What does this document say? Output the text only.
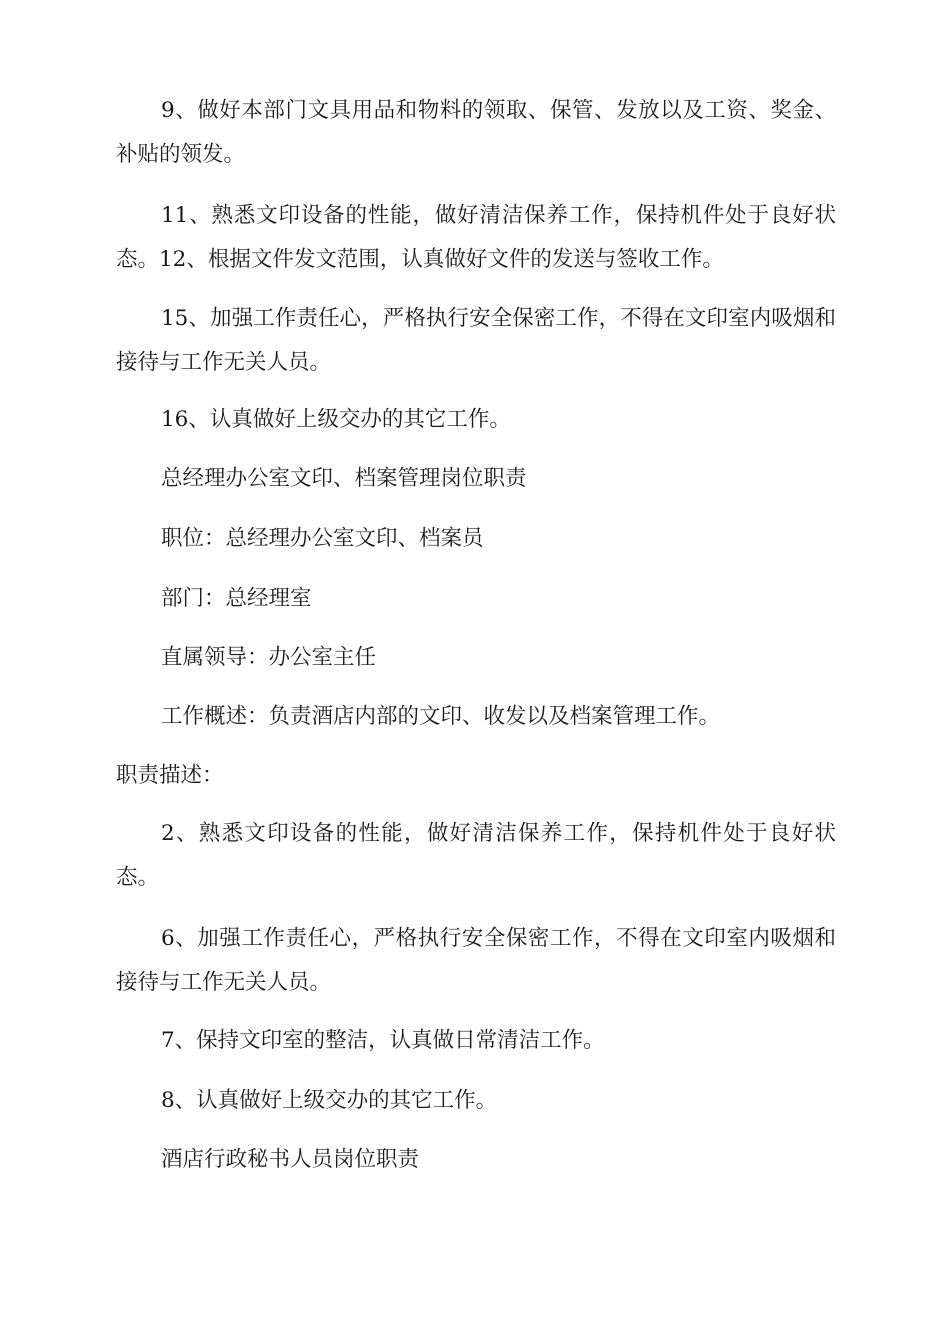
9、做好本部门文具用品和物料的领取、保管、发放以及工资、奖金、补贴的领发。

11、熟悉文印设备的性能，做好清洁保养工作，保持机件处于良好状态。12、根据文件发文范围，认真做好文件的发送与签收工作。

15、加强工作责任心，严格执行安全保密工作，不得在文印室内吸烟和接待与工作无关人员。

16、认真做好上级交办的其它工作。

总经理办公室文印、档案管理岗位职责

职位：总经理办公室文印、档案员

部门：总经理室

直属领导：办公室主任

工作概述：负责酒店内部的文印、收发以及档案管理工作。

职责描述：

2、熟悉文印设备的性能，做好清洁保养工作，保持机件处于良好状态。

6、加强工作责任心，严格执行安全保密工作，不得在文印室内吸烟和接待与工作无关人员。

7、保持文印室的整洁，认真做日常清洁工作。

8、认真做好上级交办的其它工作。

酒店行政秘书人员岗位职责
